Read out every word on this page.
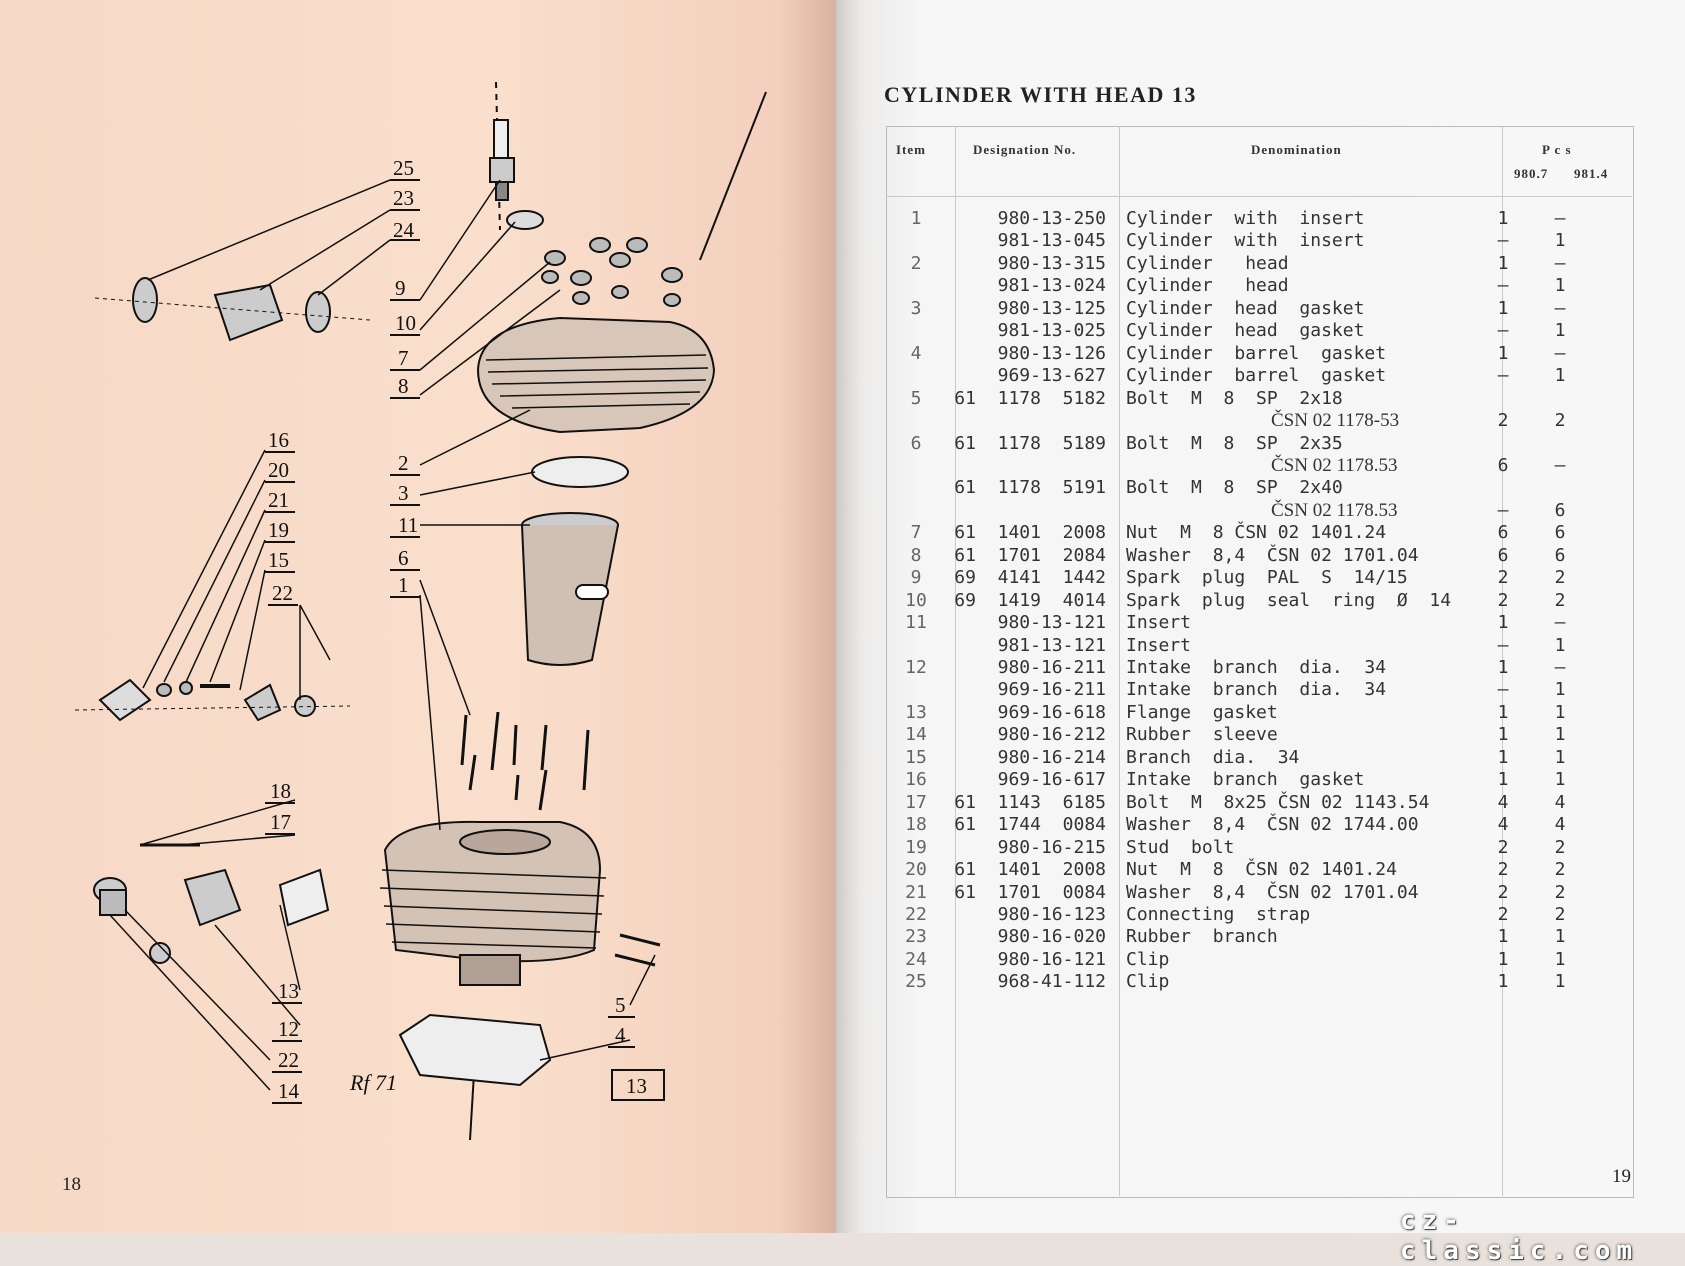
25
23
24
9
10
7
8
2
3
11
6
1
16
20
21
19
15
22
18
17
13
12
22
14
5
4
13
Rf 71
18
CYLINDER WITH HEAD 13
Item	Designation No.	Denomination	P c s
980.7 981.4
1	980-13-250 Cylinder  with  insert	1	—
981-13-045 Cylinder  with  insert	—	1
2	980-13-315 Cylinder   head	1	—
981-13-024 Cylinder   head	—	1
3	980-13-125 Cylinder  head  gasket	1	—
981-13-025 Cylinder  head  gasket	—	1
4	980-13-126 Cylinder  barrel  gasket	1	—
969-13-627 Cylinder  barrel  gasket	—	1
5	61  1178  5182 Bolt  M  8  SP  2x18
ČSN 02 1178-53	2	2
6	61  1178  5189 Bolt  M  8  SP  2x35
ČSN 02 1178.53	6	—
61  1178  5191 Bolt  M  8  SP  2x40
ČSN 02 1178.53	—	6
7	61  1401  2008 Nut  M  8 ČSN 02 1401.24	6	6
8	61  1701  2084 Washer  8,4  ČSN 02 1701.04	6	6
9	69  4141  1442 Spark  plug  PAL  S  14/15	2	2
10	69  1419  4014 Spark  plug  seal  ring  Ø  14	2	2
11	980-13-121 Insert	1	—
981-13-121 Insert	—	1
12	980-16-211 Intake  branch  dia.  34	1	—
969-16-211 Intake  branch  dia.  34	—	1
13	969-16-618 Flange  gasket	1	1
14	980-16-212 Rubber  sleeve	1	1
15	980-16-214 Branch  dia.  34	1	1
16	969-16-617 Intake  branch  gasket	1	1
17	61  1143  6185 Bolt  M  8x25 ČSN 02 1143.54	4	4
18	61  1744  0084 Washer  8,4  ČSN 02 1744.00	4	4
19	980-16-215 Stud  bolt	2	2
20	61  1401  2008 Nut  M  8  ČSN 02 1401.24	2	2
21	61  1701  0084 Washer  8,4  ČSN 02 1701.04	2	2
22	980-16-123 Connecting  strap	2	2
23	980-16-020 Rubber  branch	1	1
24	980-16-121 Clip	1	1
25	968-41-112 Clip	1	1
19
cz-classic.com
